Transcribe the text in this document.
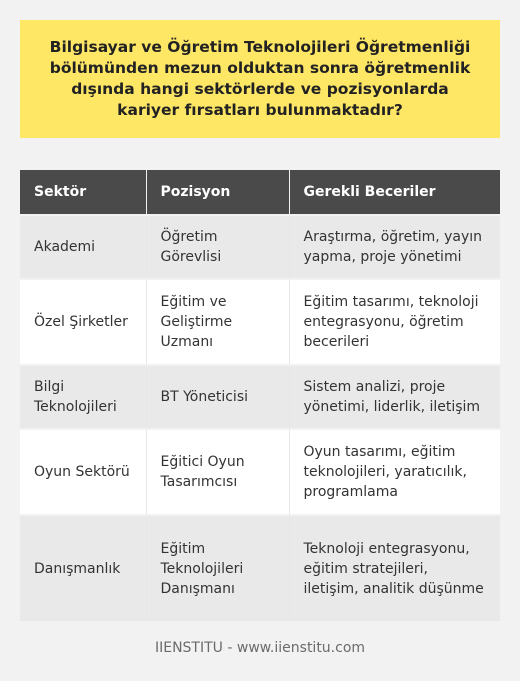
Bilgisayar ve Öğretim Teknolojileri Öğretmenliği bölümünden mezun olduktan sonra öğretmenlik dışında hangi sektörlerde ve pozisyonlarda kariyer fırsatları bulunmaktadır?
Sektör	Pozisyon	Gerekli Beceriler
Akademi	Öğretim Görevlisi	Araştırma, öğretim, yayın yapma, proje yönetimi
Özel Şirketler	Eğitim ve Geliştirme Uzmanı	Eğitim tasarımı, teknoloji entegrasyonu, öğretim becerileri
Bilgi Teknolojileri	BT Yöneticisi	Sistem analizi, proje yönetimi, liderlik, iletişim
Oyun Sektörü	Eğitici Oyun Tasarımcısı	Oyun tasarımı, eğitim teknolojileri, yaratıcılık, programlama
Danışmanlık	Eğitim Teknolojileri Danışmanı	Teknoloji entegrasyonu, eğitim stratejileri, iletişim, analitik düşünme
IIENSTITU - www.iienstitu.com
